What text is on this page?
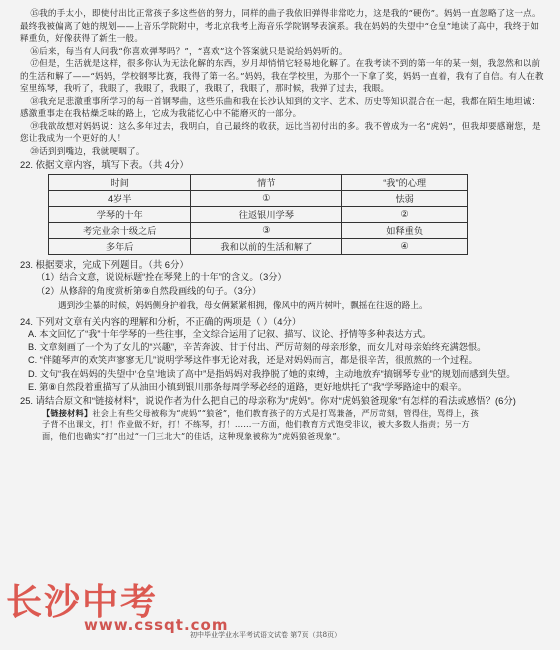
⑮我的手太小，即使付出比正常孩子多这些倍的努力，同样的曲子我依旧弹得非常吃力，这是我的“硬伤”。妈妈一直忽略了这一点。最终我被偏离了她的规划——上音乐学院附中，考北京我考上海音乐学院钢琴表演系。我在妈妈的失望中“仓皇”地读了高中，我终于如释重负，好像获得了新生一般。

⑯后来，每当有人问我“你喜欢弹琴吗？”，“喜欢”这个答案就只是说给妈妈听的。

⑰但是，生活就是这样，很多你认为无法化解的东西，岁月却悄悄它轻易地化解了。在我考读不到的第一年的某一刻，我忽然和以前的生活和解了——“妈妈，学校钢琴比赛，我得了第一名。”妈妈，我在学校里，为那个一下拿了奖，妈妈一直着，我有了自信。有人在教室里练琴，我听了，我眼了，我眼了，我眼了，我眼了，我眼了，那时候，我弹了过去，我眼。

⑱我充足悲激重事所学习的每一首钢琴曲，这些乐曲和我在长沙认知到的文字、艺术、历史等知识混合在一起，我都在陌生地坦诚：感激重事走在我枯燥乏味的路上，它成为我能忆心中不能磨灭的一部分。

⑲我欲故想对妈妈说：这么多年过去，我明白，自己最终的收获，远比当初付出的多。我不曾成为一名“虎妈”，但我却要感谢您，是您让我成为一个更好的人！

⑳话到到嘴边，我就哽咽了。

22. 依据文章内容，填写下表。（共 4分）

时间	情节	“我”的心理
4岁半	①	怯弱
学琴的十年	往返银川学琴	②
考完业余十级之后	③	如释重负
多年后	我和以前的生活和解了	④

23. 根据要求，完成下列题目。（共 6分）

（1）结合文意，说说标题“拴在琴凳上的十年”的含义。（3分）

（2）从修辞的角度赏析第⑨自然段画线的句子。（3分）

遇到沙尘暴的时候，妈妈侧身护着我，母女俩紧紧相拥，像风中的两片树叶，飘摇在往返的路上。

24. 下列对文章有关内容的理解和分析，不正确的两项是（ ）（4分）

A. 本文回忆了“我”十年学琴的一些往事，全文综合运用了记叙、描写、议论、抒情等多种表达方式。

B. 文章刻画了一个为了女儿的“兴趣”，辛苦奔波、甘于付出、严厉苛刻的母亲形象，而女儿对母亲始终充满怨恨。

C. “伴随琴声的欢笑声寥寥无几”说明学琴这件事无论对我，还是对妈妈而言，都是很辛苦，很煎熬的一个过程。

D. 文句“我在妈妈的失望中‘仓皇’地读了高中”是指妈妈对我挣脱了她的束缚，主动地放弃“搞钢琴专业”的规划而感到失望。

E. 第⑧自然段着重描写了从油田小镇到银川那条每周学琴必经的道路，更好地烘托了“我”学琴路途中的艰辛。

25. 请结合原文和“链接材料”，说说作者为什么把自己的母亲称为“虎妈”。你对“虎妈狼爸现象”有怎样的看法或感悟？(6分)

【链接材料】社会上有些父母被称为“虎妈”“狼爸”，他们教育孩子的方式是打骂兼备，严厉苛刻，管得住，骂得上，孩子背不出课文，打！作业做不好，打！不练琴，打！……一方面，他们教育方式饱受非议，被大多数人指责；另一方面，他们也确实“打”出过“一门三北大”的佳话，这种现象被称为“虎妈狼爸现象”。

初中毕业学业水平考试语文试卷 第7页（共8页）
长沙中考
www.cssqt.com
